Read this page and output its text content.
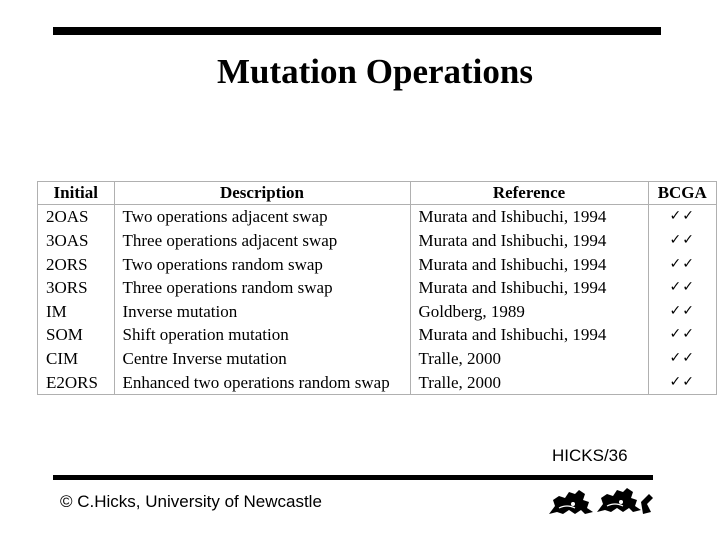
Mutation Operations
Initial	Description	Reference	BCGA
2OAS	Two operations adjacent swap	Murata and Ishibuchi, 1994	✓✓
3OAS	Three operations adjacent swap	Murata and Ishibuchi, 1994	✓✓
2ORS	Two operations random swap	Murata and Ishibuchi, 1994	✓✓
3ORS	Three operations random swap	Murata and Ishibuchi, 1994	✓✓
IM	Inverse mutation	Goldberg, 1989	✓✓
SOM	Shift operation mutation	Murata and Ishibuchi, 1994	✓✓
CIM	Centre Inverse mutation	Tralle, 2000	✓✓
E2ORS	Enhanced two operations random swap	Tralle, 2000	✓✓
HICKS/36
© C.Hicks, University of Newcastle
